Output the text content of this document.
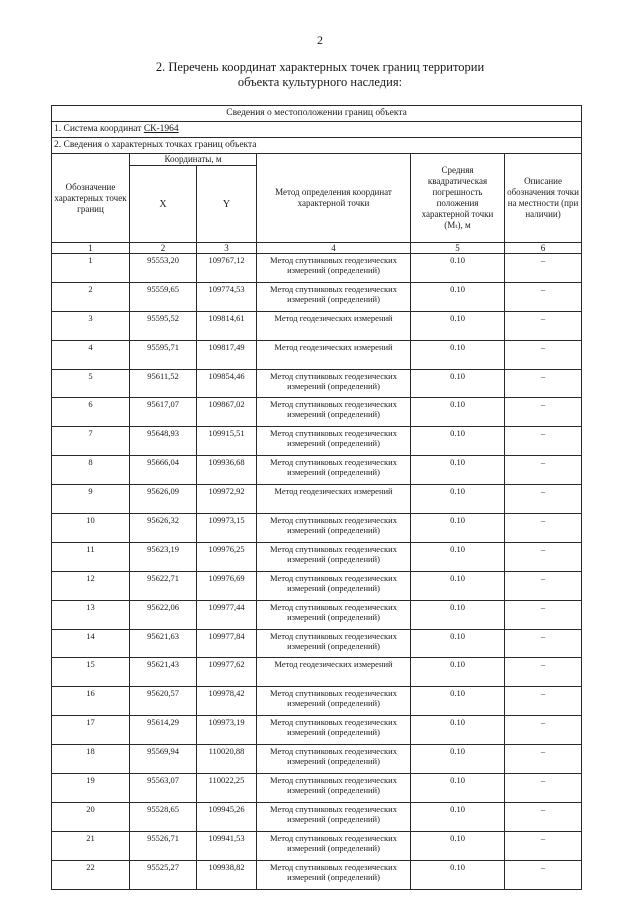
2
2. Перечень координат характерных точек границ территории
объекта культурного наследия:
Сведения о местоположении границ объекта					
1. Система координат СК-1964					
2. Сведения о характерных точках границ объекта					
Обозначение характерных точек границ	Координаты, м		Метод определения координат характерной точки	Средняя квадратическая погрешность положения характерной точки (Mₜ), м	Описание обозначения точки на местности (при наличии)
	X	Y			
1	2	3	4	5	6
1	95553,20	109767,12	Метод спутниковых геодезических измерений (определений)	0.10	–
2	95559,65	109774,53	Метод спутниковых геодезических измерений (определений)	0.10	–
3	95595,52	109814,61	Метод геодезических измерений	0.10	–
4	95595,71	109817,49	Метод геодезических измерений	0.10	–
5	95611,52	109854,46	Метод спутниковых геодезических измерений (определений)	0.10	–
6	95617,07	109867,02	Метод спутниковых геодезических измерений (определений)	0.10	–
7	95648,93	109915,51	Метод спутниковых геодезических измерений (определений)	0.10	–
8	95666,04	109936,68	Метод спутниковых геодезических измерений (определений)	0.10	–
9	95626,09	109972,92	Метод геодезических измерений	0.10	–
10	95626,32	109973,15	Метод спутниковых геодезических измерений (определений)	0.10	–
11	95623,19	109976,25	Метод спутниковых геодезических измерений (определений)	0.10	–
12	95622,71	109976,69	Метод спутниковых геодезических измерений (определений)	0.10	–
13	95622,06	109977,44	Метод спутниковых геодезических измерений (определений)	0.10	–
14	95621,63	109977,84	Метод спутниковых геодезических измерений (определений)	0.10	–
15	95621,43	109977,62	Метод геодезических измерений	0.10	–
16	95620,57	109978,42	Метод спутниковых геодезических измерений (определений)	0.10	–
17	95614,29	109973,19	Метод спутниковых геодезических измерений (определений)	0.10	–
18	95569,94	110020,88	Метод спутниковых геодезических измерений (определений)	0.10	–
19	95563,07	110022,25	Метод спутниковых геодезических измерений (определений)	0.10	–
20	95528,65	109945,26	Метод спутниковых геодезических измерений (определений)	0.10	–
21	95526,71	109941,53	Метод спутниковых геодезических измерений (определений)	0.10	–
22	95525,27	109938,82	Метод спутниковых геодезических измерений (определений)	0.10	–
